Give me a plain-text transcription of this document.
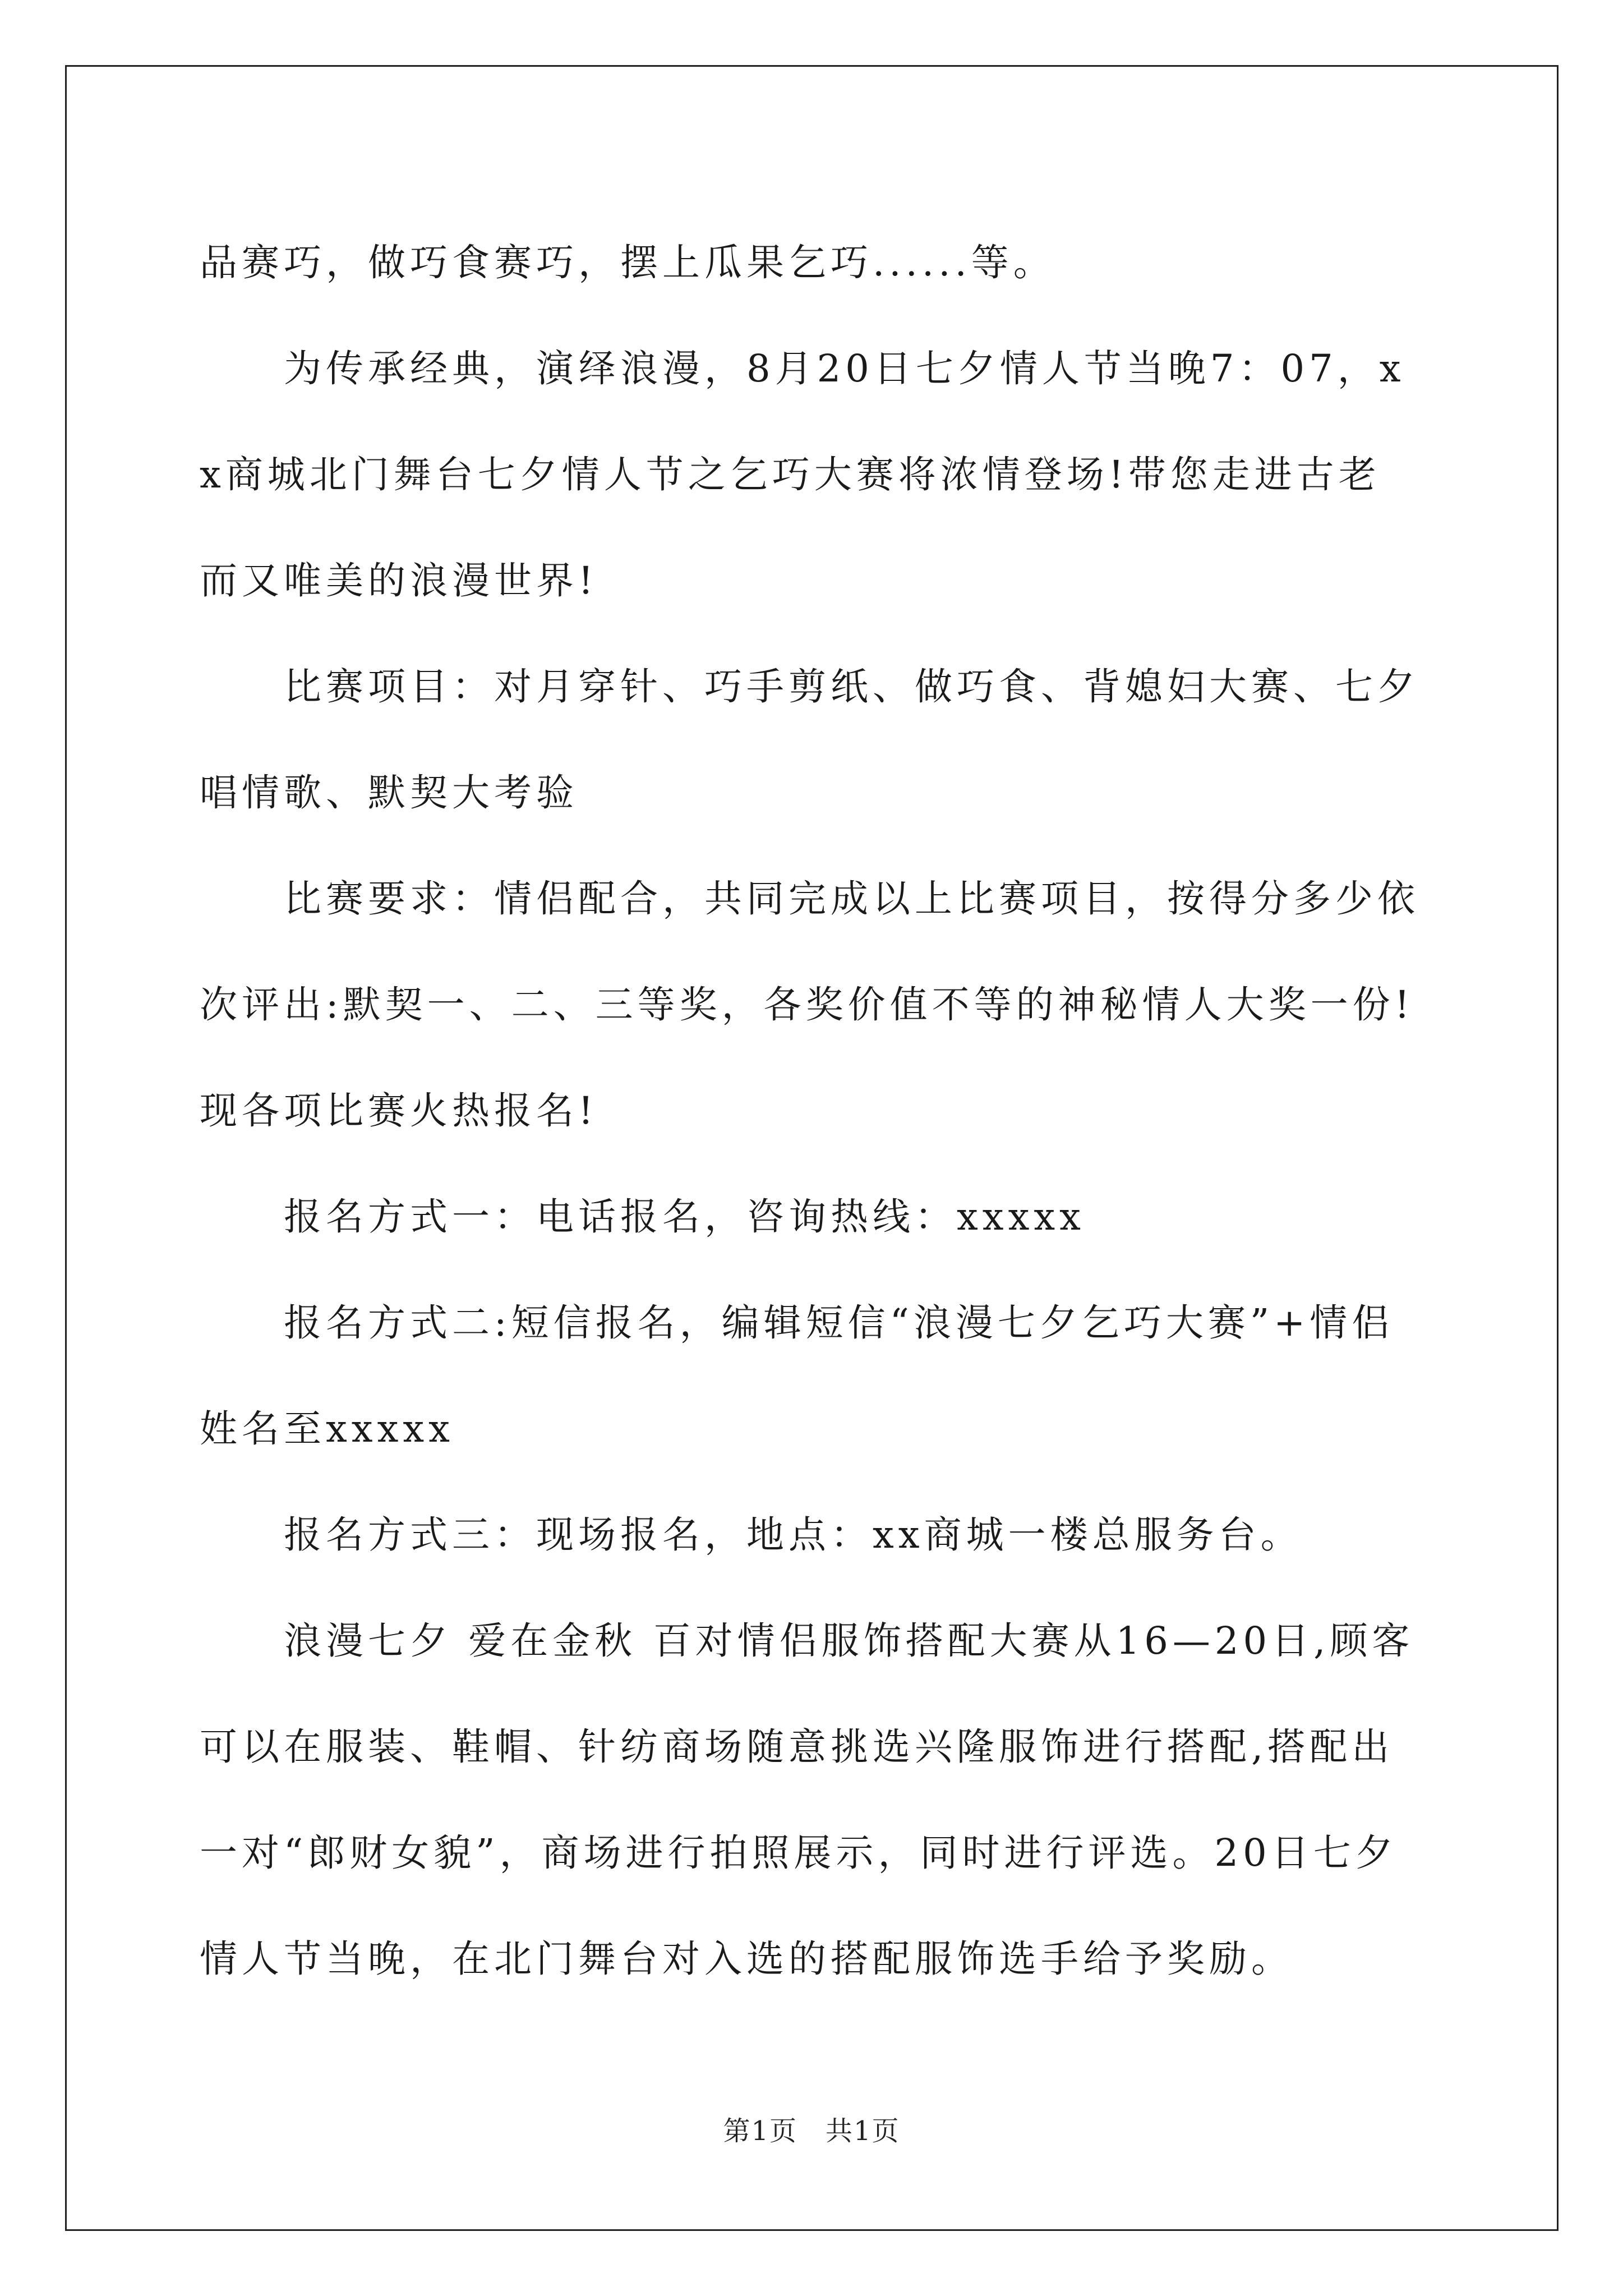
品赛巧，做巧食赛巧，摆上瓜果乞巧......等。

为传承经典，演绎浪漫，8月20日七夕情人节当晚7：07，xx商城北门舞台七夕情人节之乞巧大赛将浓情登场!带您走进古老而又唯美的浪漫世界!

比赛项目：对月穿针、巧手剪纸、做巧食、背媳妇大赛、七夕唱情歌、默契大考验

比赛要求：情侣配合，共同完成以上比赛项目，按得分多少依次评出:默契一、二、三等奖，各奖价值不等的神秘情人大奖一份!现各项比赛火热报名!

报名方式一：电话报名，咨询热线：xxxxx

报名方式二:短信报名，编辑短信“浪漫七夕乞巧大赛”+情侣姓名至xxxxx

报名方式三：现场报名，地点：xx商城一楼总服务台。

浪漫七夕 爱在金秋 百对情侣服饰搭配大赛从16—20日,顾客可以在服装、鞋帽、针纺商场随意挑选兴隆服饰进行搭配,搭配出一对“郎财女貌”，商场进行拍照展示，同时进行评选。20日七夕情人节当晚，在北门舞台对入选的搭配服饰选手给予奖励。

第1页　共1页
